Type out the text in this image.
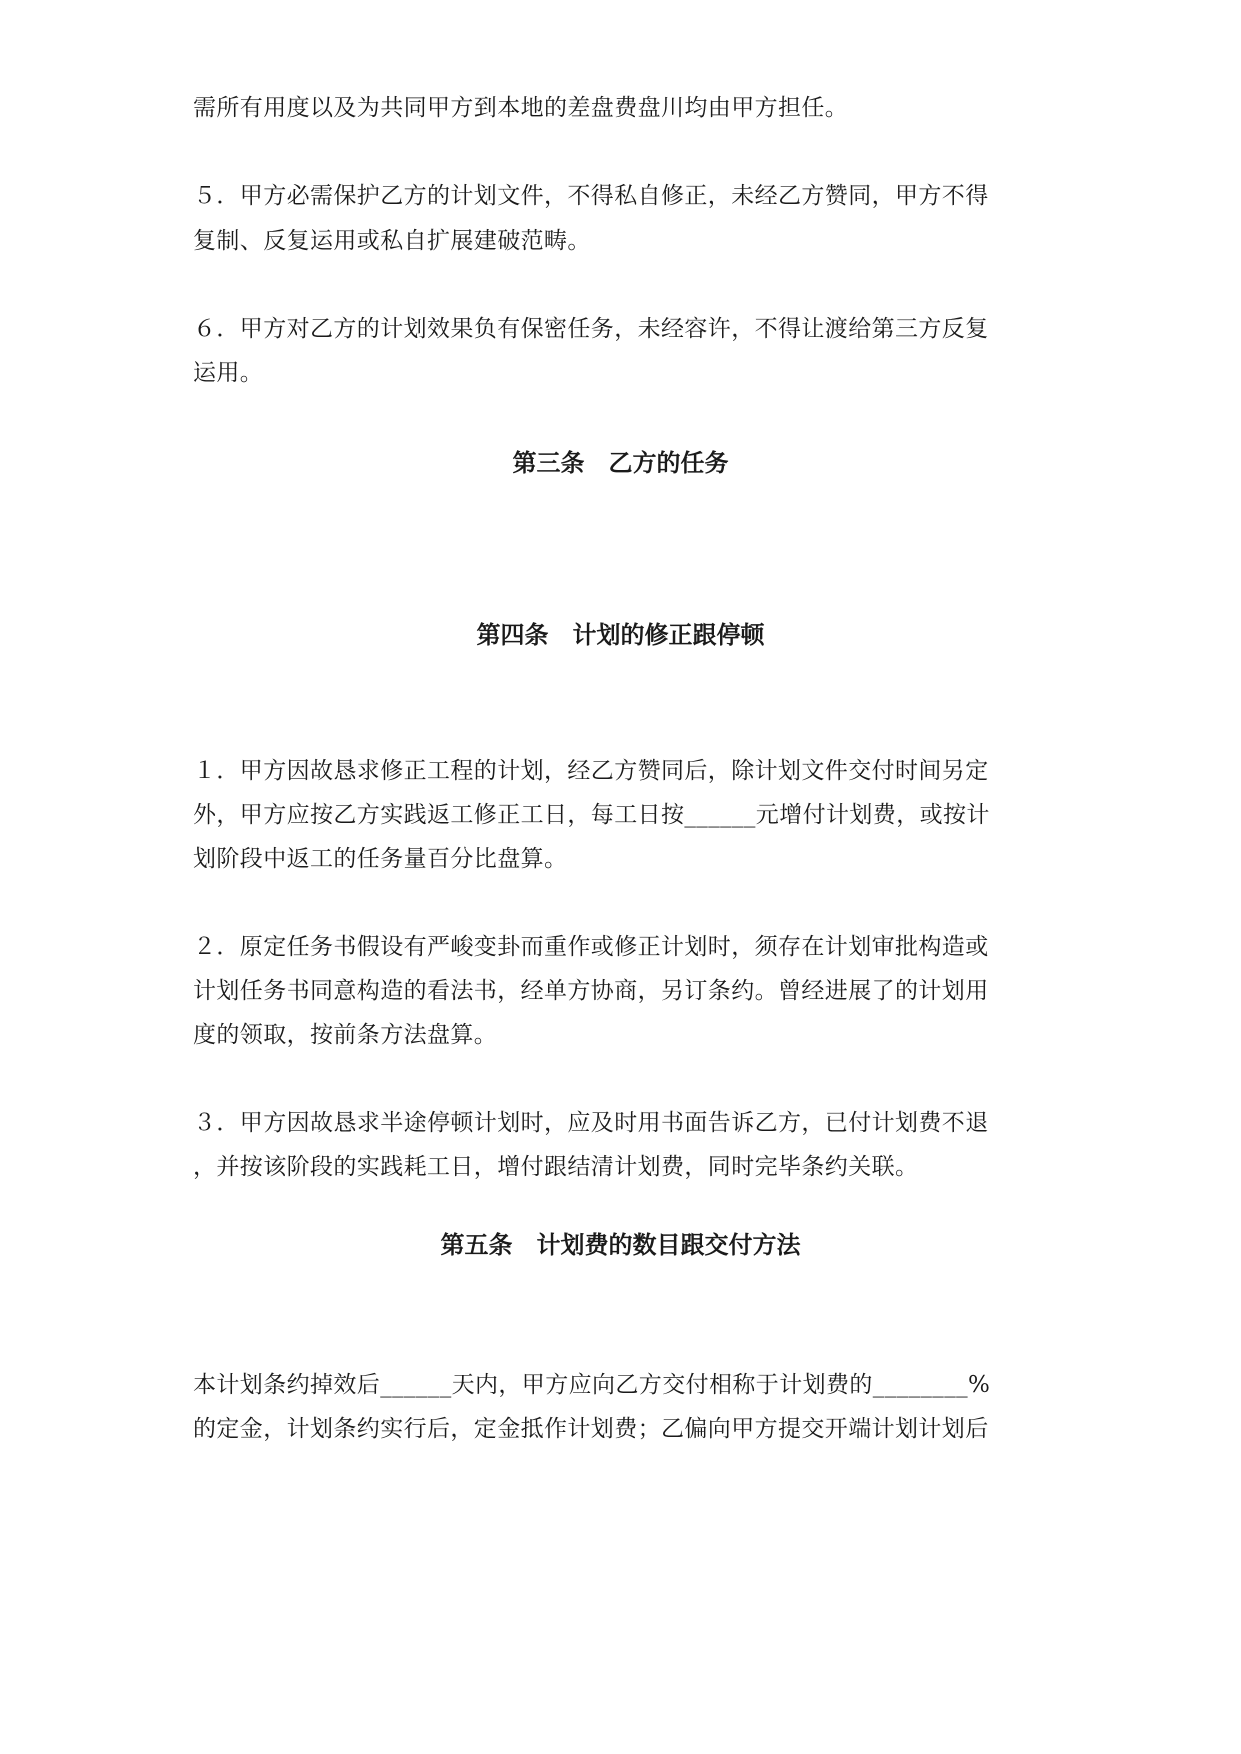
需所有用度以及为共同甲方到本地的差盘费盘川均由甲方担任。
５．甲方必需保护乙方的计划文件，不得私自修正，未经乙方赞同，甲方不得
复制、反复运用或私自扩展建破范畴。
６．甲方对乙方的计划效果负有保密任务，未经容许，不得让渡给第三方反复
运用。
第三条　乙方的任务
第四条　计划的修正跟停顿
１．甲方因故恳求修正工程的计划，经乙方赞同后，除计划文件交付时间另定
外，甲方应按乙方实践返工修正工日，每工日按______元增付计划费，或按计
划阶段中返工的任务量百分比盘算。
２．原定任务书假设有严峻变卦而重作或修正计划时，须存在计划审批构造或
计划任务书同意构造的看法书，经单方协商，另订条约。曾经进展了的计划用
度的领取，按前条方法盘算。
３．甲方因故恳求半途停顿计划时，应及时用书面告诉乙方，已付计划费不退
，并按该阶段的实践耗工日，增付跟结清计划费，同时完毕条约关联。
第五条　计划费的数目跟交付方法
本计划条约掉效后______天内，甲方应向乙方交付相称于计划费的________%
的定金，计划条约实行后，定金抵作计划费；乙偏向甲方提交开端计划计划后
